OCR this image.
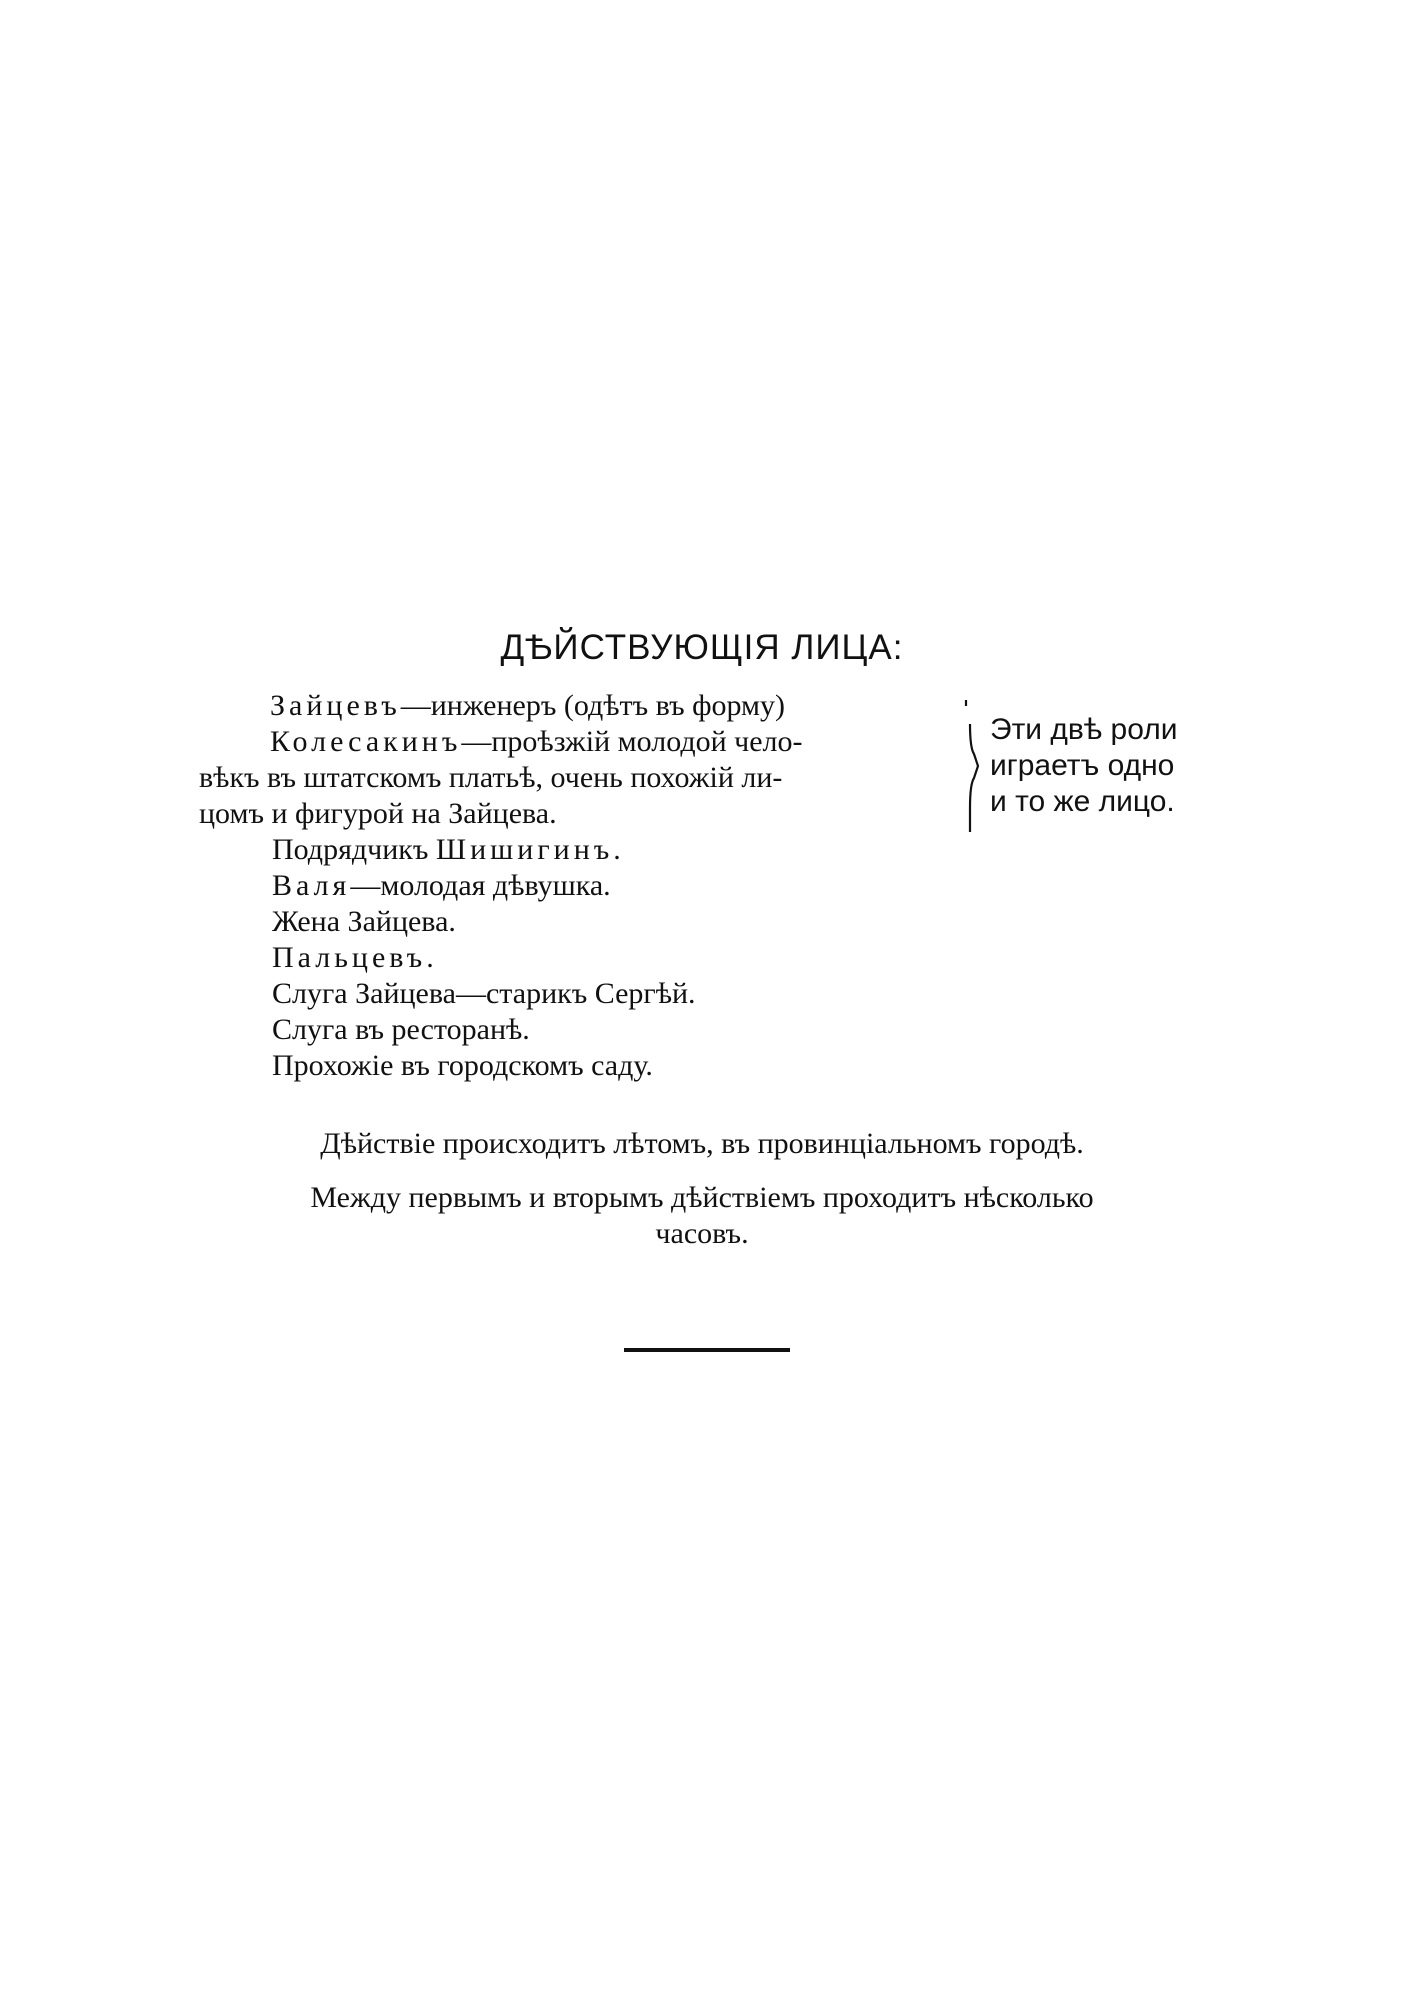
ДѢЙСТВУЮЩІЯ ЛИЦА:
Зайцевъ—инженеръ (одѣтъ въ форму)
Колесакинъ—проѣзжій молодой чело-
вѣкъ въ штатскомъ платьѣ, очень похожій ли-
цомъ и фигурой на Зайцева.
Эти двѣ роли
играетъ одно
и то же лицо.
Подрядчикъ Шишигинъ.
Валя—молодая дѣвушка.
Жена Зайцева.
Пальцевъ.
Слуга Зайцева—старикъ Сергѣй.
Слуга въ ресторанѣ.
Прохожіе въ городскомъ саду.
Дѣйствіе происходитъ лѣтомъ, въ провинціальномъ городѣ.
Между первымъ и вторымъ дѣйствіемъ проходитъ нѣсколько
часовъ.
